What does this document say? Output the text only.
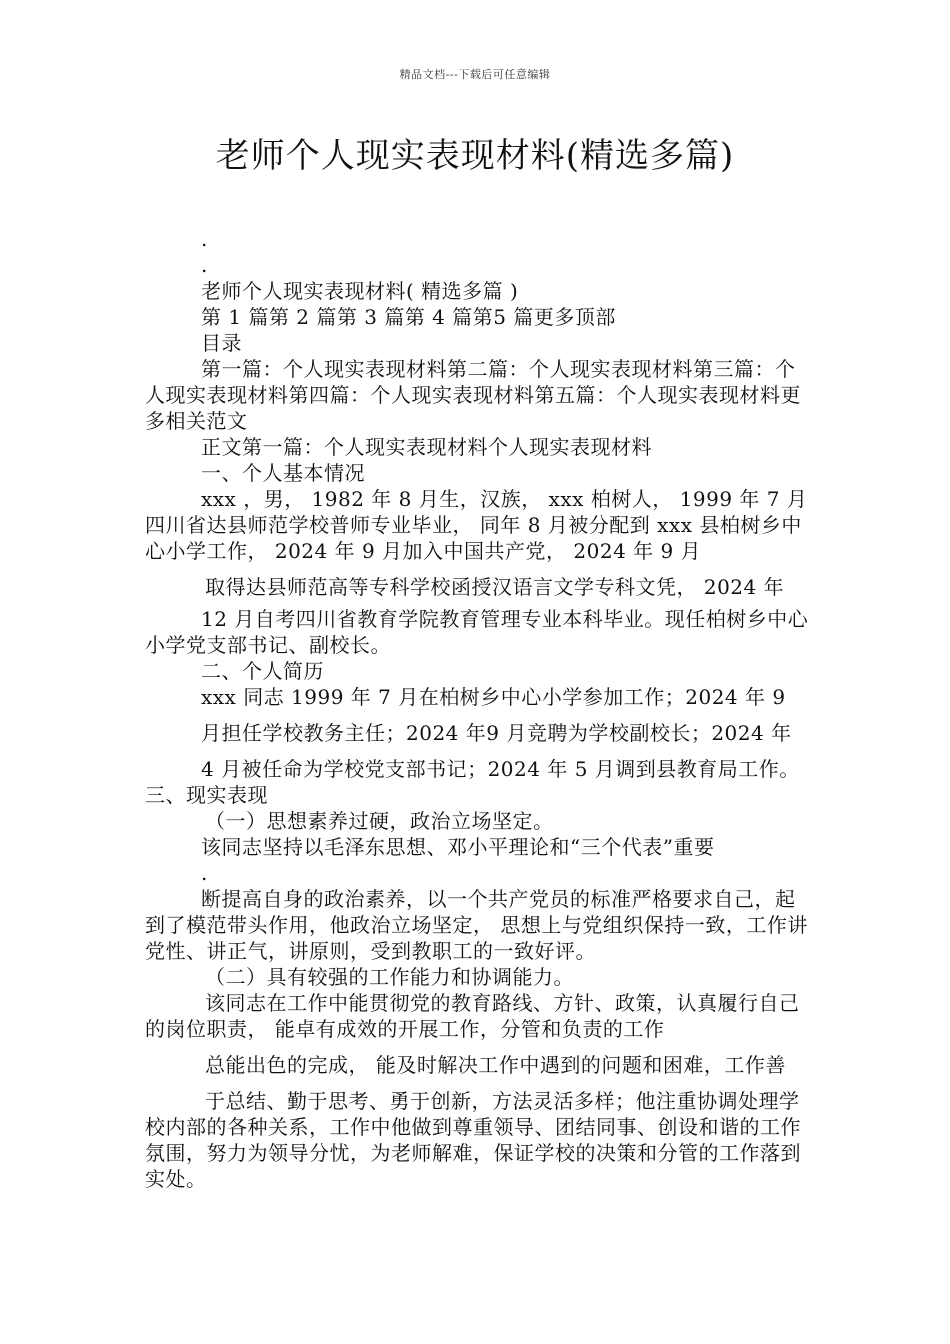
精品文档---下载后可任意编辑
老师个人现实表现材料(精选多篇)

.

.

老师个人现实表现材料( 精选多篇 )

第 1 篇第 2 篇第 3 篇第 4 篇第5 篇更多顶部

目录

第一篇：个人现实表现材料第二篇：个人现实表现材料第三篇：个人现实表现材料第四篇：个人现实表现材料第五篇：个人现实表现材料更多相关范文

正文第一篇：个人现实表现材料个人现实表现材料

一、个人基本情况

xxx ，男， 1982 年 8 月生，汉族， xxx 柏树人， 1999 年 7 月四川省达县师范学校普师专业毕业， 同年 8 月被分配到 xxx 县柏树乡中心小学工作， 2024 年 9 月加入中国共产党， 2024 年 9 月

取得达县师范高等专科学校函授汉语言文学专科文凭， 2024 年

12 月自考四川省教育学院教育管理专业本科毕业。现任柏树乡中心小学党支部书记、副校长。

二、个人简历

xxx 同志 1999 年 7 月在柏树乡中心小学参加工作；2024 年 9

月担任学校教务主任；2024 年9 月竞聘为学校副校长；2024 年

4 月被任命为学校党支部书记；2024 年 5 月调到县教育局工作。三、现实表现

（一）思想素养过硬，政治立场坚定。

该同志坚持以毛泽东思想、邓小平理论和“三个代表”重要

.

断提高自身的政治素养，以一个共产党员的标准严格要求自己，起到了模范带头作用，他政治立场坚定， 思想上与党组织保持一致，工作讲党性、讲正气，讲原则，受到教职工的一致好评。

（二）具有较强的工作能力和协调能力。

该同志在工作中能贯彻党的教育路线、方针、政策，认真履行自己的岗位职责， 能卓有成效的开展工作，分管和负责的工作

总能出色的完成， 能及时解决工作中遇到的问题和困难，工作善

于总结、勤于思考、勇于创新，方法灵活多样；他注重协调处理学校内部的各种关系，工作中他做到尊重领导、团结同事、创设和谐的工作氛围，努力为领导分忧，为老师解难，保证学校的决策和分管的工作落到实处。
